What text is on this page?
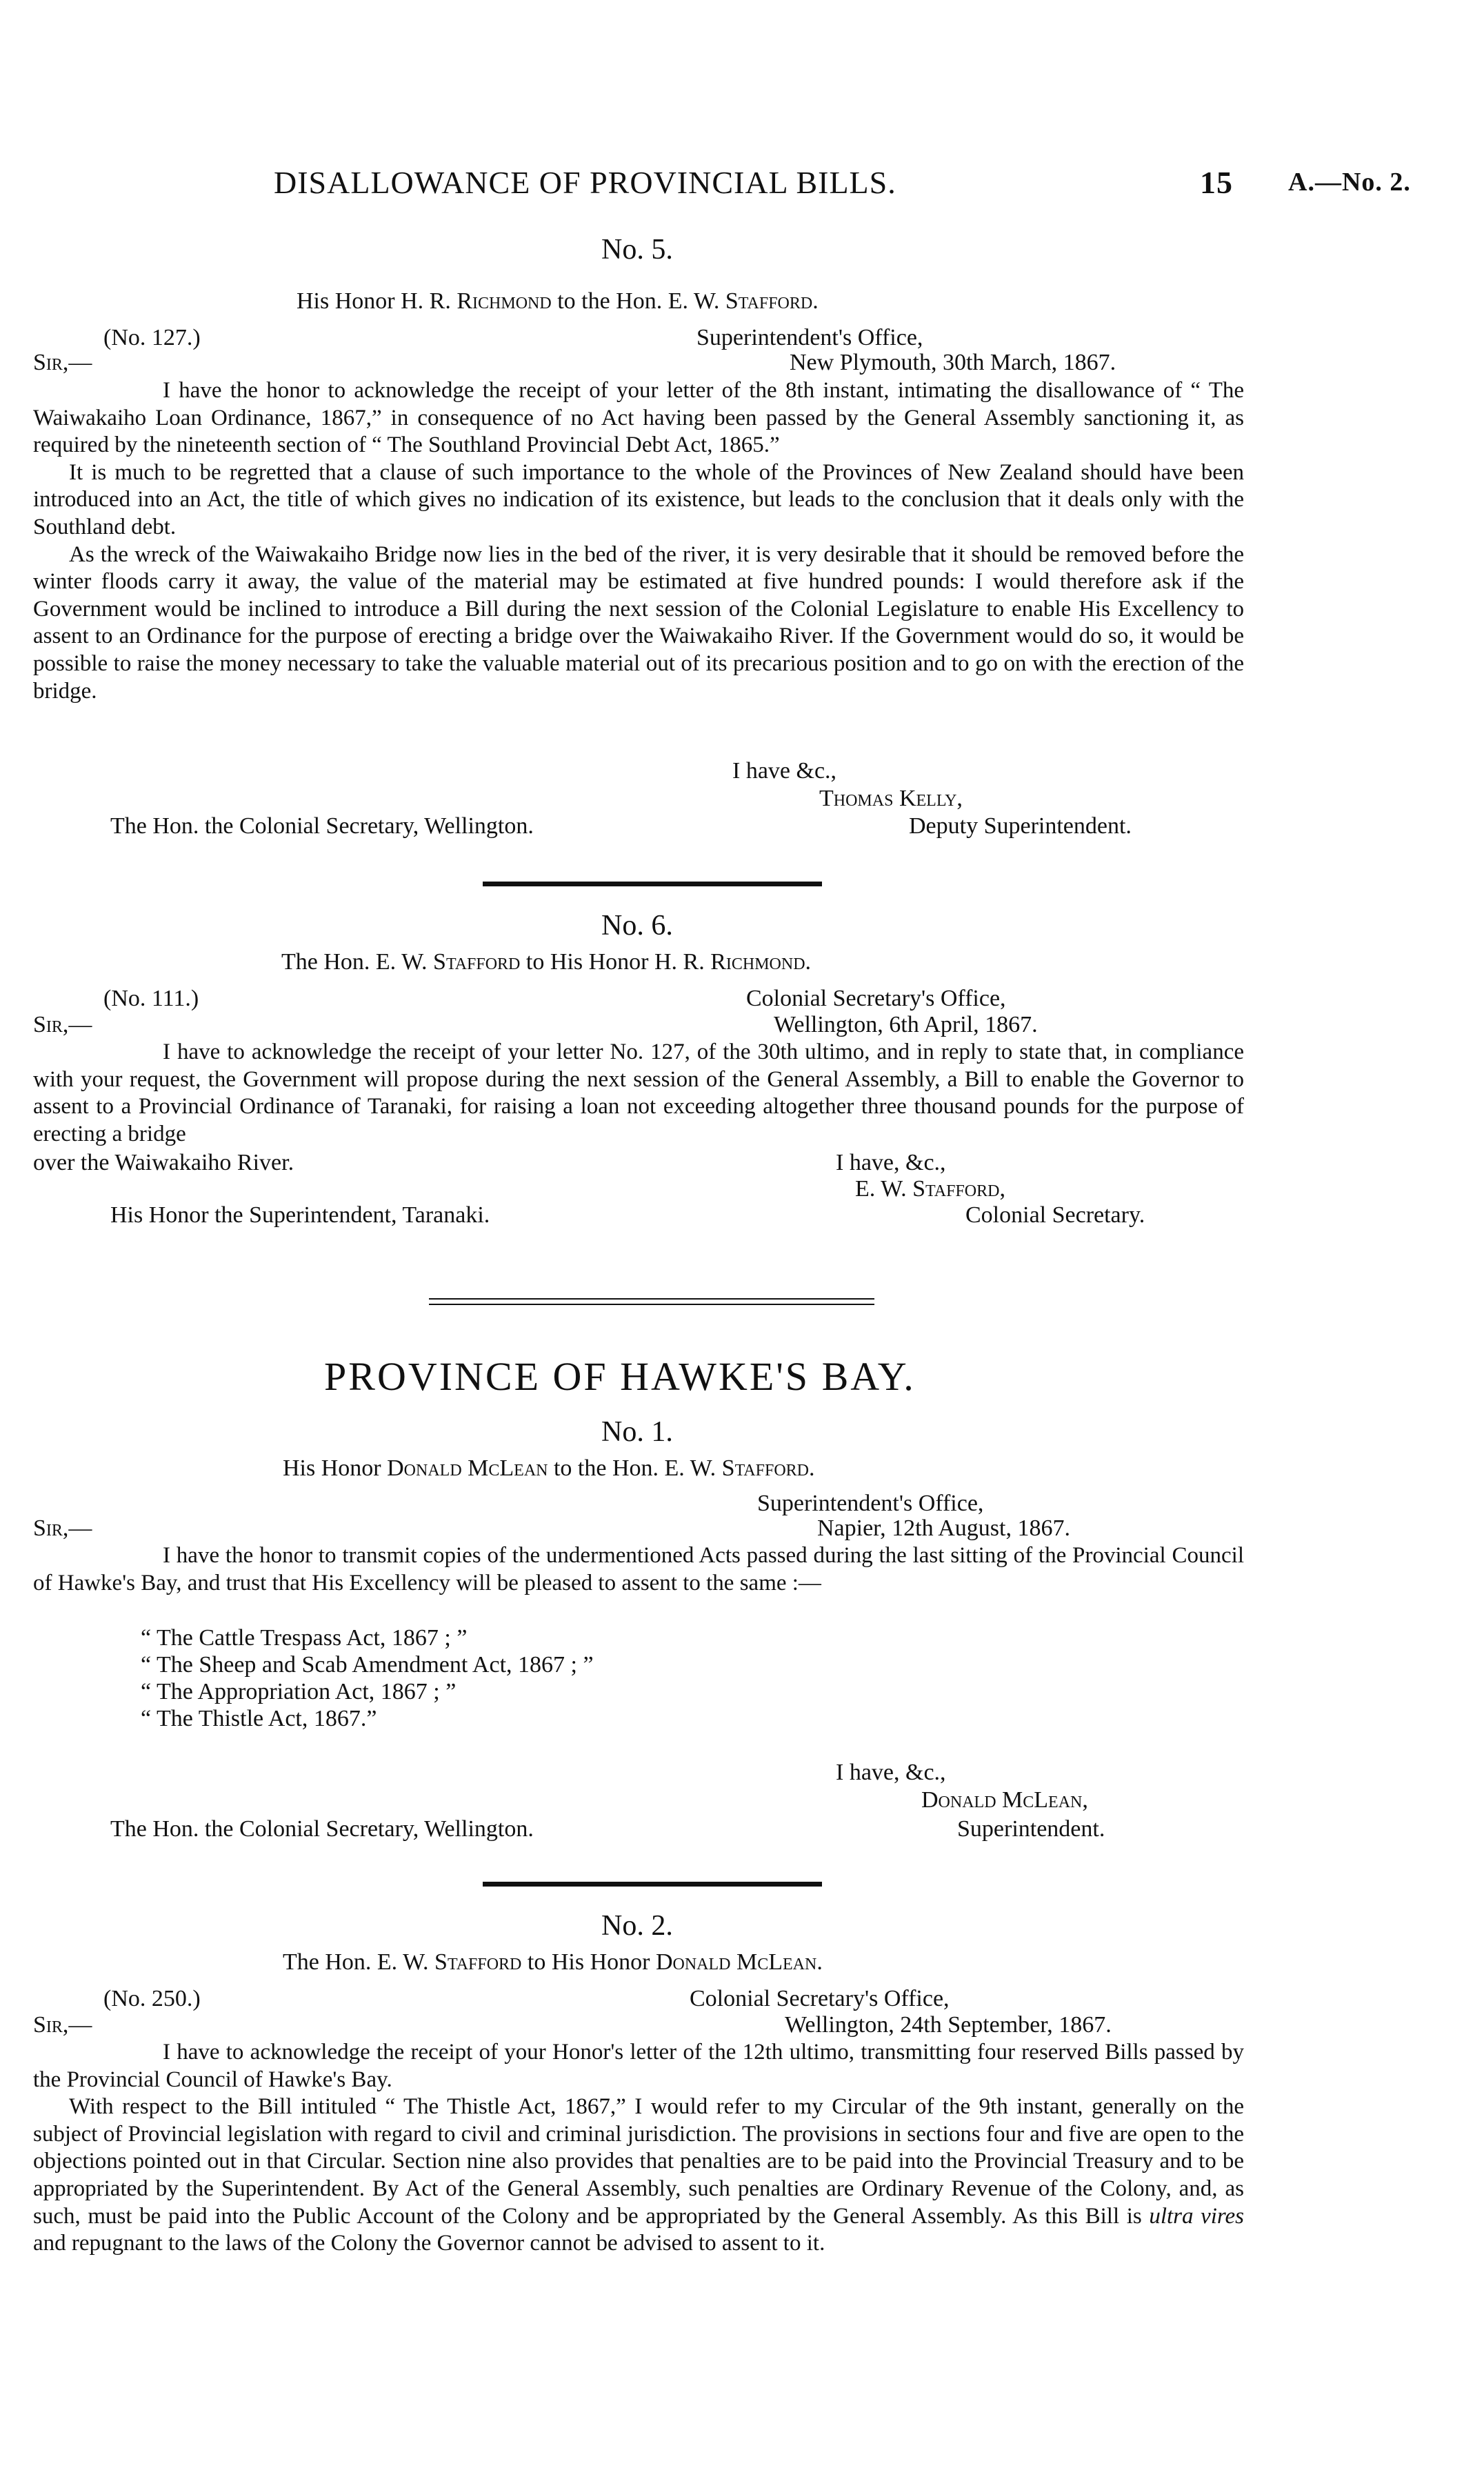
DISALLOWANCE OF PROVINCIAL BILLS.	15 A.—No. 2.
No. 5.
His Honor H. R. Richmond to the Hon. E. W. Stafford.
(No. 127.)	Superintendent's Office,
Sir,—	New Plymouth, 30th March, 1867.

I have the honor to acknowledge the receipt of your letter of the 8th instant, intimating the disallowance of “ The Waiwakaiho Loan Ordinance, 1867,” in consequence of no Act having been passed by the General Assembly sanctioning it, as required by the nineteenth section of “ The Southland Provincial Debt Act, 1865.”

It is much to be regretted that a clause of such importance to the whole of the Provinces of New Zealand should have been introduced into an Act, the title of which gives no indication of its existence, but leads to the conclusion that it deals only with the Southland debt.

As the wreck of the Waiwakaiho Bridge now lies in the bed of the river, it is very desirable that it should be removed before the winter floods carry it away, the value of the material may be estimated at five hundred pounds: I would therefore ask if the Government would be inclined to introduce a Bill during the next session of the Colonial Legislature to enable His Excellency to assent to an Ordinance for the purpose of erecting a bridge over the Waiwakaiho River. If the Government would do so, it would be possible to raise the money necessary to take the valuable material out of its precarious position and to go on with the erection of the bridge.

I have &c.,
Thomas Kelly,
The Hon. the Colonial Secretary, Wellington.	Deputy Superintendent.
No. 6.
The Hon. E. W. Stafford to His Honor H. R. Richmond.
(No. 111.)	Colonial Secretary's Office,
Sir,—	Wellington, 6th April, 1867.

I have to acknowledge the receipt of your letter No. 127, of the 30th ultimo, and in reply to state that, in compliance with your request, the Government will propose during the next session of the General Assembly, a Bill to enable the Governor to assent to a Provincial Ordinance of Taranaki, for raising a loan not exceeding altogether three thousand pounds for the purpose of erecting a bridge

over the Waiwakaiho River.	I have, &c.,
E. W. Stafford,
His Honor the Superintendent, Taranaki.	Colonial Secretary.
PROVINCE OF HAWKE'S BAY.
No. 1.
His Honor Donald McLean to the Hon. E. W. Stafford.
Superintendent's Office,
Sir,—	Napier, 12th August, 1867.

I have the honor to transmit copies of the undermentioned Acts passed during the last sitting of the Provincial Council of Hawke's Bay, and trust that His Excellency will be pleased to assent to the same :—

“ The Cattle Trespass Act, 1867 ; ”
“ The Sheep and Scab Amendment Act, 1867 ; ”
“ The Appropriation Act, 1867 ; ”
“ The Thistle Act, 1867.”
I have, &c.,
Donald McLean,
The Hon. the Colonial Secretary, Wellington.	Superintendent.
No. 2.
The Hon. E. W. Stafford to His Honor Donald McLean.
(No. 250.)	Colonial Secretary's Office,
Sir,—	Wellington, 24th September, 1867.

I have to acknowledge the receipt of your Honor's letter of the 12th ultimo, transmitting four reserved Bills passed by the Provincial Council of Hawke's Bay.

With respect to the Bill intituled “ The Thistle Act, 1867,” I would refer to my Circular of the 9th instant, generally on the subject of Provincial legislation with regard to civil and criminal jurisdiction. The provisions in sections four and five are open to the objections pointed out in that Circular. Section nine also provides that penalties are to be paid into the Provincial Treasury and to be appropriated by the Superintendent. By Act of the General Assembly, such penalties are Ordinary Revenue of the Colony, and, as such, must be paid into the Public Account of the Colony and be appropriated by the General Assembly. As this Bill is ultra vires and repugnant to the laws of the Colony the Governor cannot be advised to assent to it.
